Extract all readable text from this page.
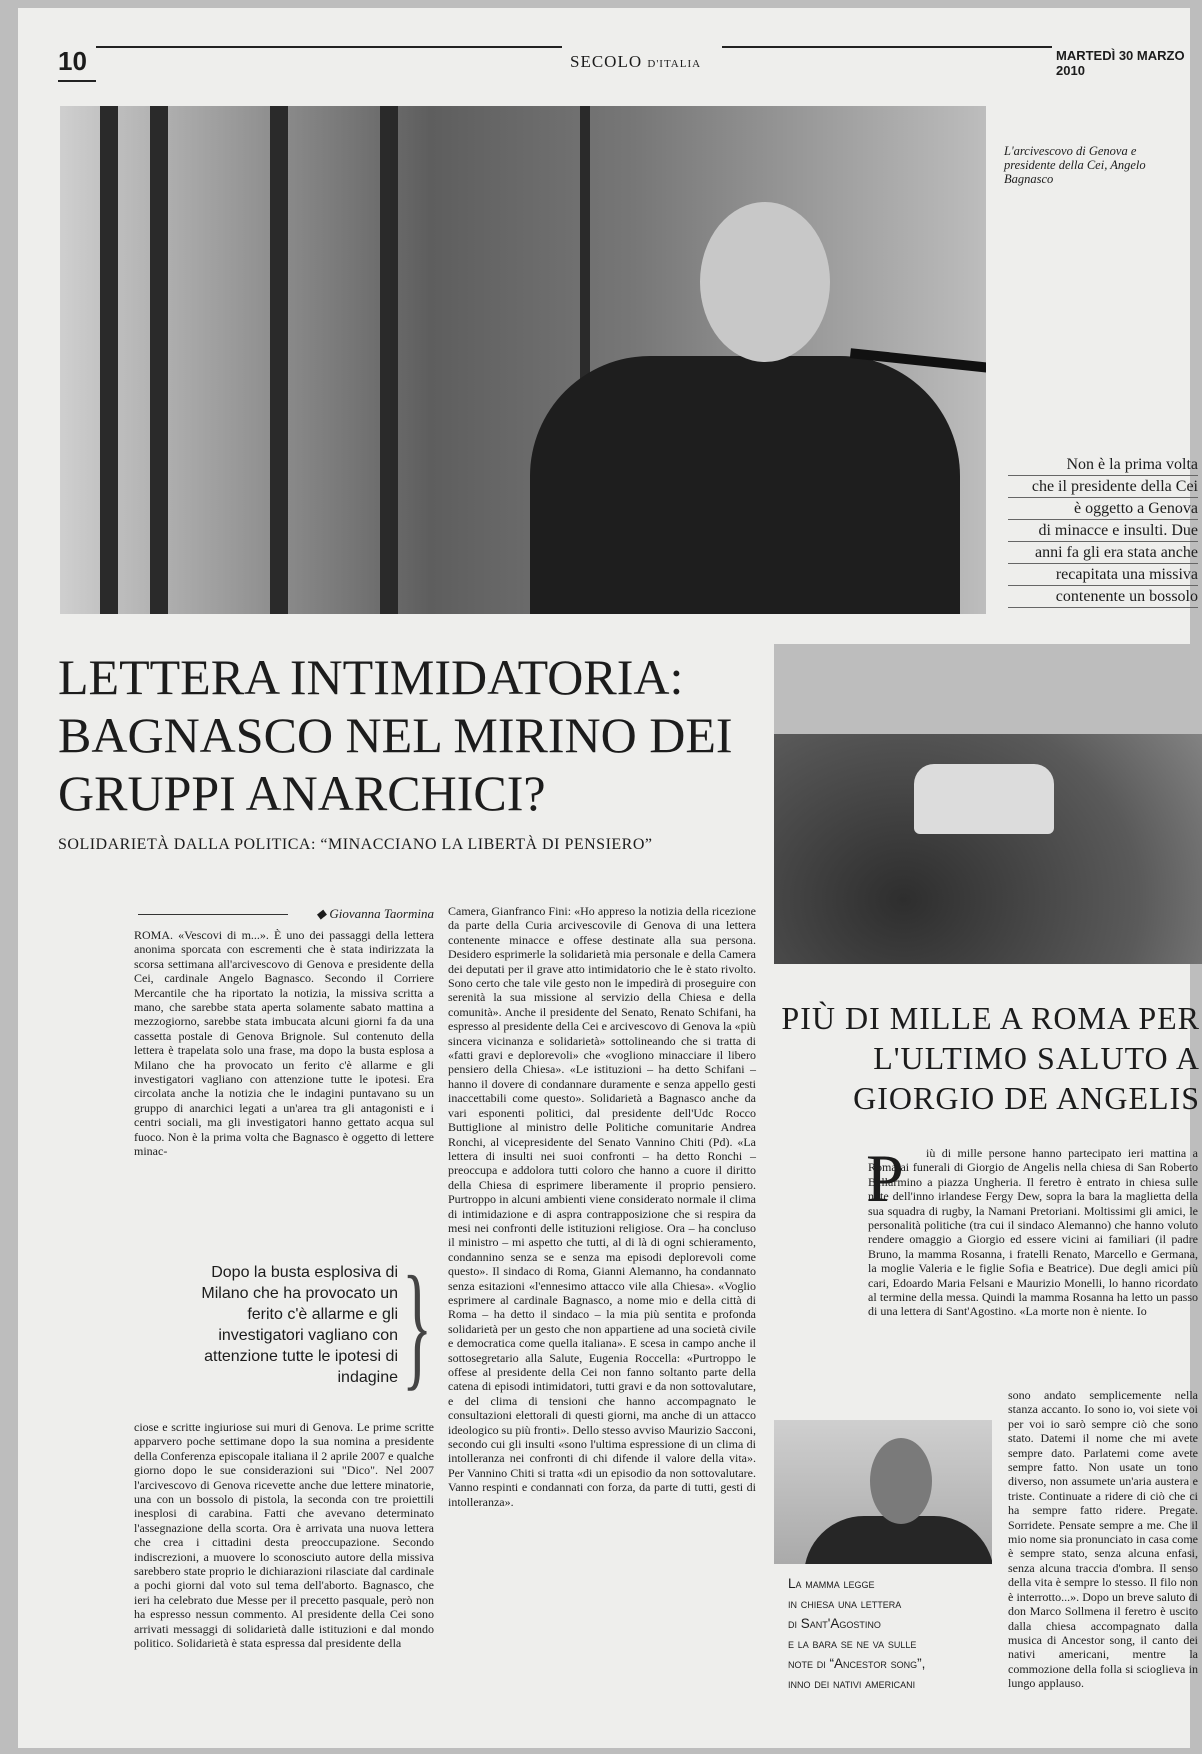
10	SECOLO D'ITALIA
MARTEDÌ 30 MARZO 2010
L'arcivescovo di Genova e presidente della Cei, Angelo Bagnasco
Non è la prima volta
che il presidente della Cei
è oggetto a Genova
di minacce e insulti. Due
anni fa gli era stata anche
recapitata una missiva
contenente un bossolo
LETTERA INTIMIDATORIA: BAGNASCO NEL MIRINO DEI GRUPPI ANARCHICI?
SOLIDARIETÀ DALLA POLITICA: “MINACCIANO LA LIBERTÀ DI PENSIERO”
PIÙ DI MILLE A ROMA PER L'ULTIMO SALUTO A GIORGIO DE ANGELIS
◆ Giovanna Taormina

ROMA. «Vescovi di m...». È uno dei passaggi della lettera anonima sporcata con escrementi che è stata indirizzata la scorsa settimana all'arcivescovo di Genova e presidente della Cei, cardinale Angelo Bagnasco. Secondo il Corriere Mercantile che ha riportato la notizia, la missiva scritta a mano, che sarebbe stata aperta solamente sabato mattina a mezzogiorno, sarebbe stata imbucata alcuni giorni fa da una cassetta postale di Genova Brignole. Sul contenuto della lettera è trapelata solo una frase, ma dopo la busta esplosa a Milano che ha provocato un ferito c'è allarme e gli investigatori vagliano con attenzione tutte le ipotesi. Era circolata anche la notizia che le indagini puntavano su un gruppo di anarchici legati a un'area tra gli antagonisti e i centri sociali, ma gli investigatori hanno gettato acqua sul fuoco. Non è la prima volta che Bagnasco è oggetto di lettere minac-

Dopo la busta esplosiva di Milano che ha provocato un ferito c'è allarme e gli investigatori vagliano con attenzione tutte le ipotesi di indagine }

ciose e scritte ingiuriose sui muri di Genova. Le prime scritte apparvero poche settimane dopo la sua nomina a presidente della Conferenza episcopale italiana il 2 aprile 2007 e qualche giorno dopo le sue considerazioni sui "Dico". Nel 2007 l'arcivescovo di Genova ricevette anche due lettere minatorie, una con un bossolo di pistola, la seconda con tre proiettili inesplosi di carabina. Fatti che avevano determinato l'assegnazione della scorta. Ora è arrivata una nuova lettera che crea i cittadini desta preoccupazione. Secondo indiscrezioni, a muovere lo sconosciuto autore della missiva sarebbero state proprio le dichiarazioni rilasciate dal cardinale a pochi giorni dal voto sul tema dell'aborto. Bagnasco, che ieri ha celebrato due Messe per il precetto pasquale, però non ha espresso nessun commento. Al presidente della Cei sono arrivati messaggi di solidarietà dalle istituzioni e dal mondo politico. Solidarietà è stata espressa dal presidente della

Camera, Gianfranco Fini: «Ho appreso la notizia della ricezione da parte della Curia arcivescovile di Genova di una lettera contenente minacce e offese destinate alla sua persona. Desidero esprimerle la solidarietà mia personale e della Camera dei deputati per il grave atto intimidatorio che le è stato rivolto. Sono certo che tale vile gesto non le impedirà di proseguire con serenità la sua missione al servizio della Chiesa e della comunità». Anche il presidente del Senato, Renato Schifani, ha espresso al presidente della Cei e arcivescovo di Genova la «più sincera vicinanza e solidarietà» sottolineando che si tratta di «fatti gravi e deplorevoli» che «vogliono minacciare il libero pensiero della Chiesa». «Le istituzioni – ha detto Schifani – hanno il dovere di condannare duramente e senza appello gesti inaccettabili come questo». Solidarietà a Bagnasco anche da vari esponenti politici, dal presidente dell'Udc Rocco Buttiglione al ministro delle Politiche comunitarie Andrea Ronchi, al vicepresidente del Senato Vannino Chiti (Pd). «La lettera di insulti nei suoi confronti – ha detto Ronchi – preoccupa e addolora tutti coloro che hanno a cuore il diritto della Chiesa di esprimere liberamente il proprio pensiero. Purtroppo in alcuni ambienti viene considerato normale il clima di intimidazione e di aspra contrapposizione che si respira da mesi nei confronti delle istituzioni religiose. Ora – ha concluso il ministro – mi aspetto che tutti, al di là di ogni schieramento, condannino senza se e senza ma episodi deplorevoli come questo». Il sindaco di Roma, Gianni Alemanno, ha condannato senza esitazioni «l'ennesimo attacco vile alla Chiesa». «Voglio esprimere al cardinale Bagnasco, a nome mio e della città di Roma – ha detto il sindaco – la mia più sentita e profonda solidarietà per un gesto che non appartiene ad una società civile e democratica come quella italiana». E scesa in campo anche il sottosegretario alla Salute, Eugenia Roccella: «Purtroppo le offese al presidente della Cei non fanno soltanto parte della catena di episodi intimidatori, tutti gravi e da non sottovalutare, e del clima di tensioni che hanno accompagnato le consultazioni elettorali di questi giorni, ma anche di un attacco ideologico su più fronti». Dello stesso avviso Maurizio Sacconi, secondo cui gli insulti «sono l'ultima espressione di un clima di intolleranza nei confronti di chi difende il valore della vita». Per Vannino Chiti si tratta «di un episodio da non sottovalutare. Vanno respinti e condannati con forza, da parte di tutti, gesti di intolleranza».

P	iù di mille persone hanno partecipato ieri mattina a Roma ai funerali di Giorgio de Angelis nella chiesa di San Roberto Bellarmino a piazza Ungheria. Il feretro è entrato in chiesa sulle note dell'inno irlandese Fergy Dew, sopra la bara la maglietta della sua squadra di rugby, la Namani Pretoriani. Moltissimi gli amici, le personalità politiche (tra cui il sindaco Alemanno) che hanno voluto rendere omaggio a Giorgio ed essere vicini ai familiari (il padre Bruno, la mamma Rosanna, i fratelli Renato, Marcello e Germana, la moglie Valeria e le figlie Sofia e Beatrice). Due degli amici più cari, Edoardo Maria Felsani e Maurizio Monelli, lo hanno ricordato al termine della messa. Quindi la mamma Rosanna ha letto un passo di una lettera di Sant'Agostino. «La morte non è niente. Io

La mamma legge
in chiesa una lettera
di Sant'Agostino
e la bara se ne va sulle
note di “Ancestor song”,
inno dei nativi americani

sono andato semplicemente nella stanza accanto. Io sono io, voi siete voi per voi io sarò sempre ciò che sono stato. Datemi il nome che mi avete sempre dato. Parlatemi come avete sempre fatto. Non usate un tono diverso, non assumete un'aria austera e triste. Continuate a ridere di ciò che ci ha sempre fatto ridere. Pregate. Sorridete. Pensate sempre a me. Che il mio nome sia pronunciato in casa come è sempre stato, senza alcuna enfasi, senza alcuna traccia d'ombra. Il senso della vita è sempre lo stesso. Il filo non è interrotto...». Dopo un breve saluto di don Marco Sollmena il feretro è uscito dalla chiesa accompagnato dalla musica di Ancestor song, il canto dei nativi americani, mentre la commozione della folla si scioglieva in lungo applauso.
